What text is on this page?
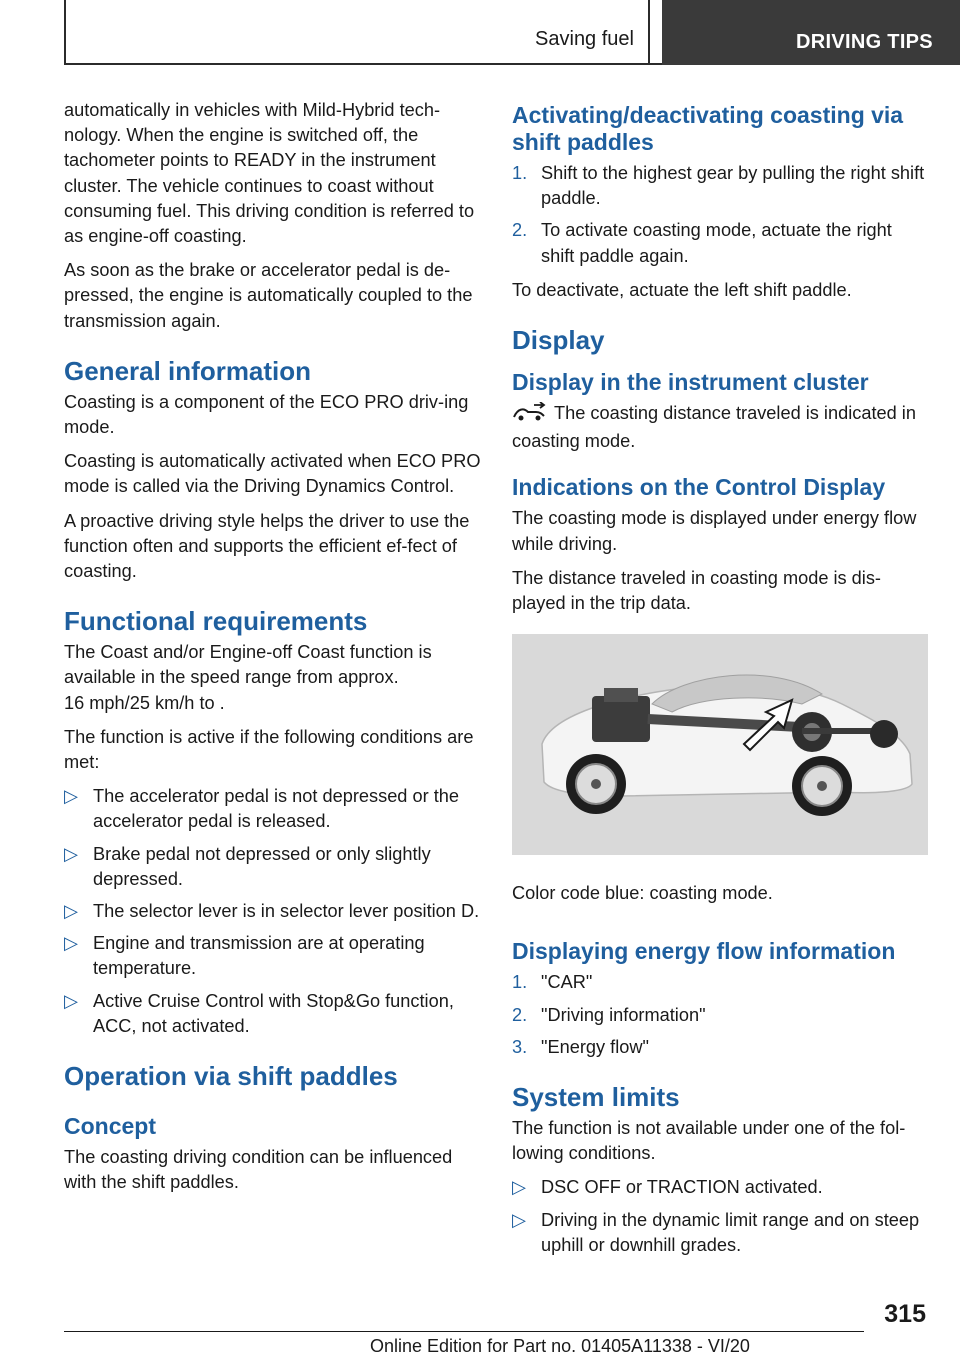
Saving fuel	DRIVING TIPS

automatically in vehicles with Mild-Hybrid tech-nology. When the engine is switched off, the tachometer points to READY in the instrument cluster. The vehicle continues to coast without consuming fuel. This driving condition is referred to as engine-off coasting.

As soon as the brake or accelerator pedal is de-pressed, the engine is automatically coupled to the transmission again.

General information

Coasting is a component of the ECO PRO driv-ing mode.

Coasting is automatically activated when ECO PRO mode is called via the Driving Dynamics Control.

A proactive driving style helps the driver to use the function often and supports the efficient ef-fect of coasting.

Functional requirements

The Coast and/or Engine-off Coast function is available in the speed range from approx.
16 mph/25 km/h to .

The function is active if the following conditions are met:

▷ The accelerator pedal is not depressed or the accelerator pedal is released.
▷ Brake pedal not depressed or only slightly depressed.
▷ The selector lever is in selector lever position D.
▷ Engine and transmission are at operating temperature.
▷ Active Cruise Control with Stop&Go function, ACC, not activated.
Operation via shift paddles
Concept

The coasting driving condition can be influenced with the shift paddles.

Activating/deactivating coasting via shift paddles
1. Shift to the highest gear by pulling the right shift paddle.
2. To activate coasting mode, actuate the right shift paddle again.

To deactivate, actuate the left shift paddle.

Display
Display in the instrument cluster

The coasting distance traveled is indicated in coasting mode.

Indications on the Control Display

The coasting mode is displayed under energy flow while driving.

The distance traveled in coasting mode is dis-played in the trip data.

Color code blue: coasting mode.

Displaying energy flow information
1. "CAR"
2. "Driving information"
3. "Energy flow"
System limits

The function is not available under one of the fol-lowing conditions.

▷ DSC OFF or TRACTION activated.
▷ Driving in the dynamic limit range and on steep uphill or downhill grades.
315
Online Edition for Part no. 01405A11338 - VI/20
